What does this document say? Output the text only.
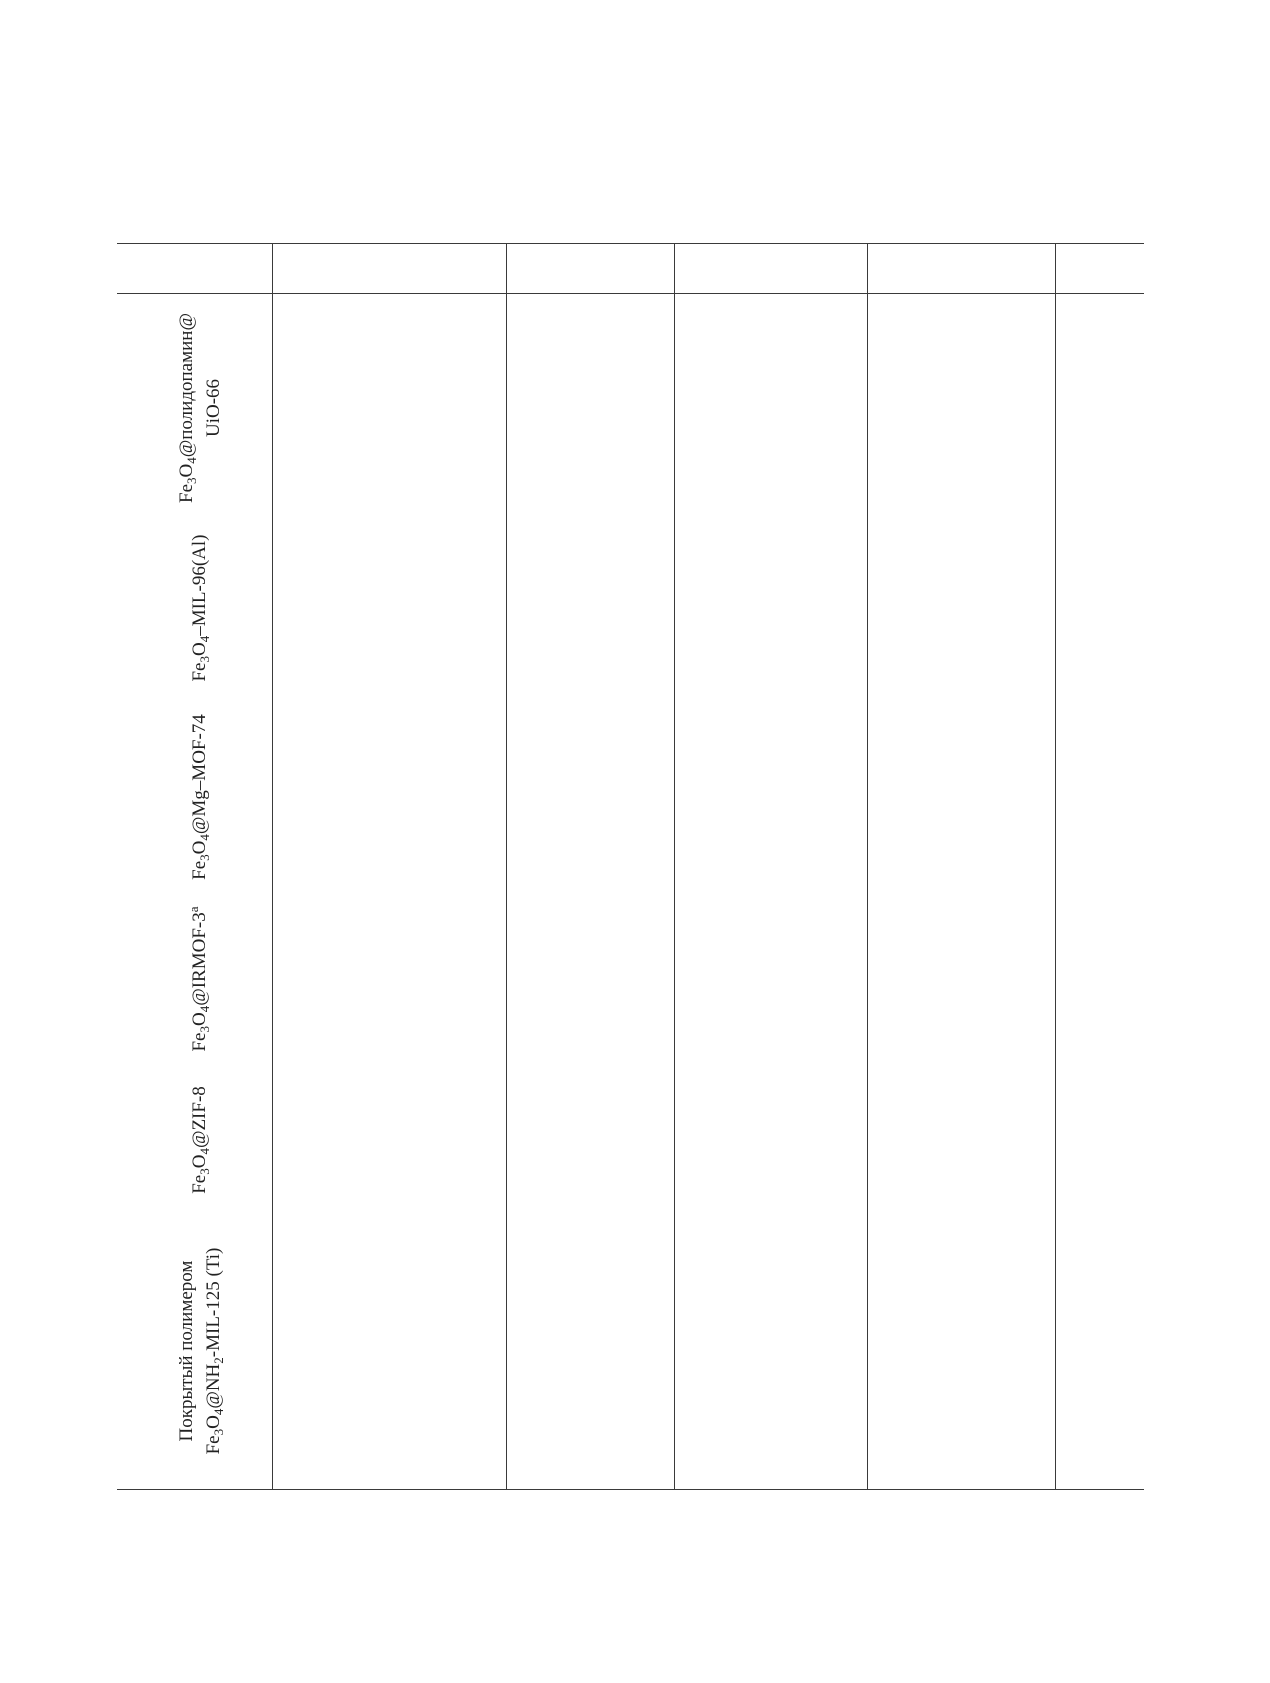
$Fe_3O_4@полидопамин@$ UiO-66
$Fe_3O_4-MIL-96(Al)$
$Fe_3O_4@Mg-MOF-74$
$Fe_3O_4@IRMOF-3^a$
$Fe_3O_4@ZIF-8$
Покрытый полимером
$Fe_3O_4@NH_2-MIL-125$ (Ti)
